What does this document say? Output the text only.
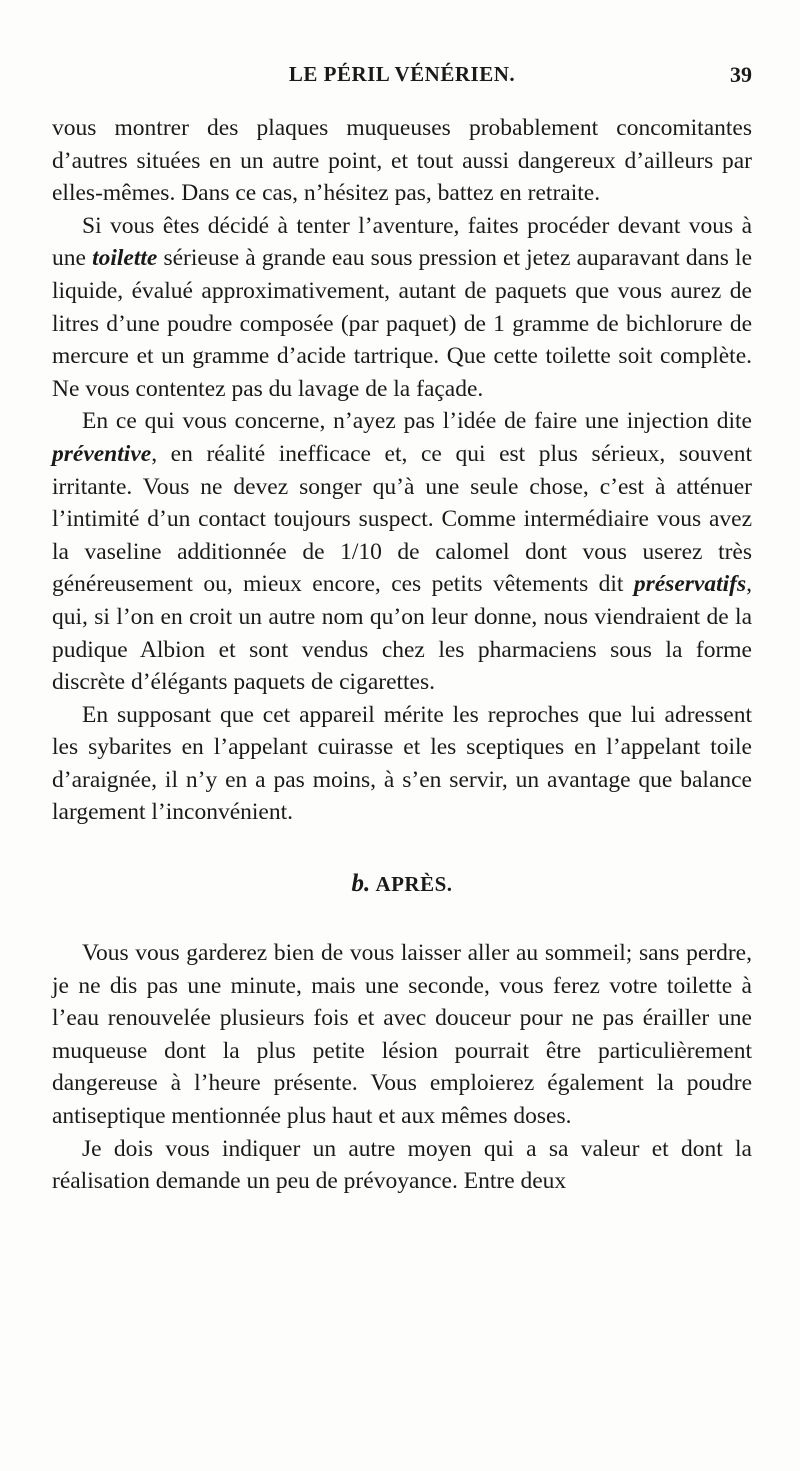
LE PÉRIL VÉNÉRIEN.	39

vous montrer des plaques muqueuses probablement concomitantes d’autres situées en un autre point, et tout aussi dangereux d’ailleurs par elles-mêmes. Dans ce cas, n’hésitez pas, battez en retraite.

Si vous êtes décidé à tenter l’aventure, faites procéder devant vous à une toilette sérieuse à grande eau sous pression et jetez auparavant dans le liquide, évalué approximativement, autant de paquets que vous aurez de litres d’une poudre composée (par paquet) de 1 gramme de bichlorure de mercure et un gramme d’acide tartrique. Que cette toilette soit complète. Ne vous contentez pas du lavage de la façade.

En ce qui vous concerne, n’ayez pas l’idée de faire une injection dite préventive, en réalité inefficace et, ce qui est plus sérieux, souvent irritante. Vous ne devez songer qu’à une seule chose, c’est à atténuer l’intimité d’un contact toujours suspect. Comme intermédiaire vous avez la vaseline additionnée de 1/10 de calomel dont vous userez très généreusement ou, mieux encore, ces petits vêtements dit préservatifs, qui, si l’on en croit un autre nom qu’on leur donne, nous viendraient de la pudique Albion et sont vendus chez les pharmaciens sous la forme discrète d’élégants paquets de cigarettes.

En supposant que cet appareil mérite les reproches que lui adressent les sybarites en l’appelant cuirasse et les sceptiques en l’appelant toile d’araignée, il n’y en a pas moins, à s’en servir, un avantage que balance largement l’inconvénient.

b. APRÈS.

Vous vous garderez bien de vous laisser aller au sommeil; sans perdre, je ne dis pas une minute, mais une seconde, vous ferez votre toilette à l’eau renouvelée plusieurs fois et avec douceur pour ne pas érailler une muqueuse dont la plus petite lésion pourrait être particulièrement dangereuse à l’heure présente. Vous emploierez également la poudre antiseptique mentionnée plus haut et aux mêmes doses.

Je dois vous indiquer un autre moyen qui a sa valeur et dont la réalisation demande un peu de prévoyance. Entre deux
